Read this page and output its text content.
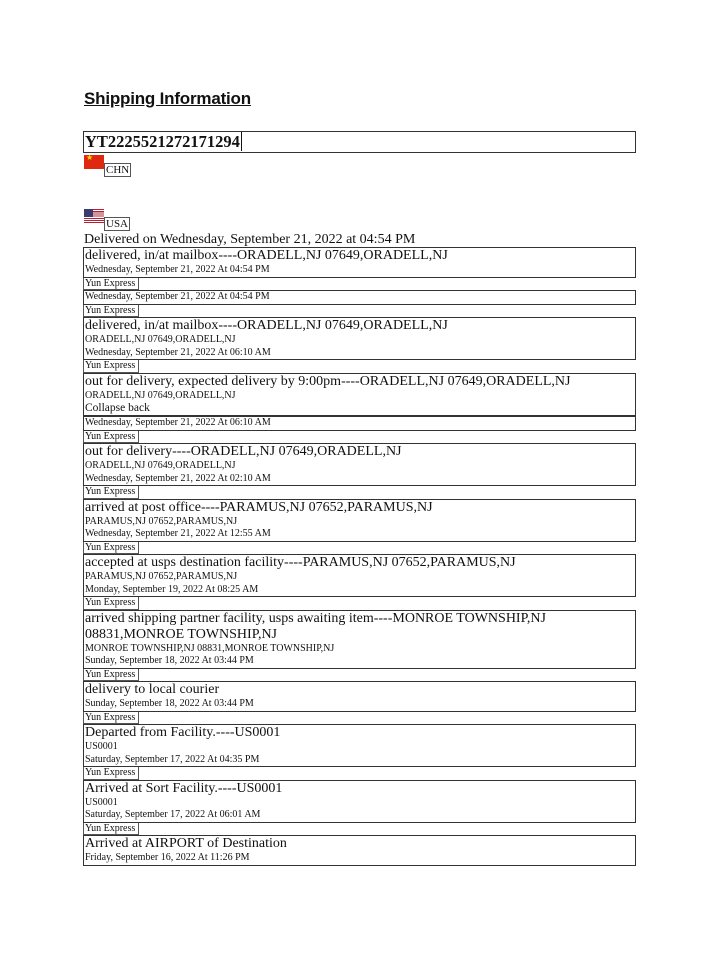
Shipping Information
YT2225521272171294
★CHN
USA
Delivered on Wednesday, September 21, 2022 at 04:54 PM
delivered, in/at mailbox----ORADELL,NJ 07649,ORADELL,NJ
Wednesday, September 21, 2022 At 04:54 PM
Yun Express
Wednesday, September 21, 2022 At 04:54 PM
Yun Express
delivered, in/at mailbox----ORADELL,NJ 07649,ORADELL,NJ
ORADELL,NJ 07649,ORADELL,NJ
Wednesday, September 21, 2022 At 06:10 AM
Yun Express
out for delivery, expected delivery by 9:00pm----ORADELL,NJ 07649,ORADELL,NJ
ORADELL,NJ 07649,ORADELL,NJ
Collapse back
Wednesday, September 21, 2022 At 06:10 AM
Yun Express
out for delivery----ORADELL,NJ 07649,ORADELL,NJ
ORADELL,NJ 07649,ORADELL,NJ
Wednesday, September 21, 2022 At 02:10 AM
Yun Express
arrived at post office----PARAMUS,NJ 07652,PARAMUS,NJ
PARAMUS,NJ 07652,PARAMUS,NJ
Wednesday, September 21, 2022 At 12:55 AM
Yun Express
accepted at usps destination facility----PARAMUS,NJ 07652,PARAMUS,NJ
PARAMUS,NJ 07652,PARAMUS,NJ
Monday, September 19, 2022 At 08:25 AM
Yun Express
arrived shipping partner facility, usps awaiting item----MONROE TOWNSHIP,NJ 08831,MONROE TOWNSHIP,NJ
MONROE TOWNSHIP,NJ 08831,MONROE TOWNSHIP,NJ
Sunday, September 18, 2022 At 03:44 PM
Yun Express
delivery to local courier
Sunday, September 18, 2022 At 03:44 PM
Yun Express
Departed from Facility.----US0001
US0001
Saturday, September 17, 2022 At 04:35 PM
Yun Express
Arrived at Sort Facility.----US0001
US0001
Saturday, September 17, 2022 At 06:01 AM
Yun Express
Arrived at AIRPORT of Destination
Friday, September 16, 2022 At 11:26 PM
